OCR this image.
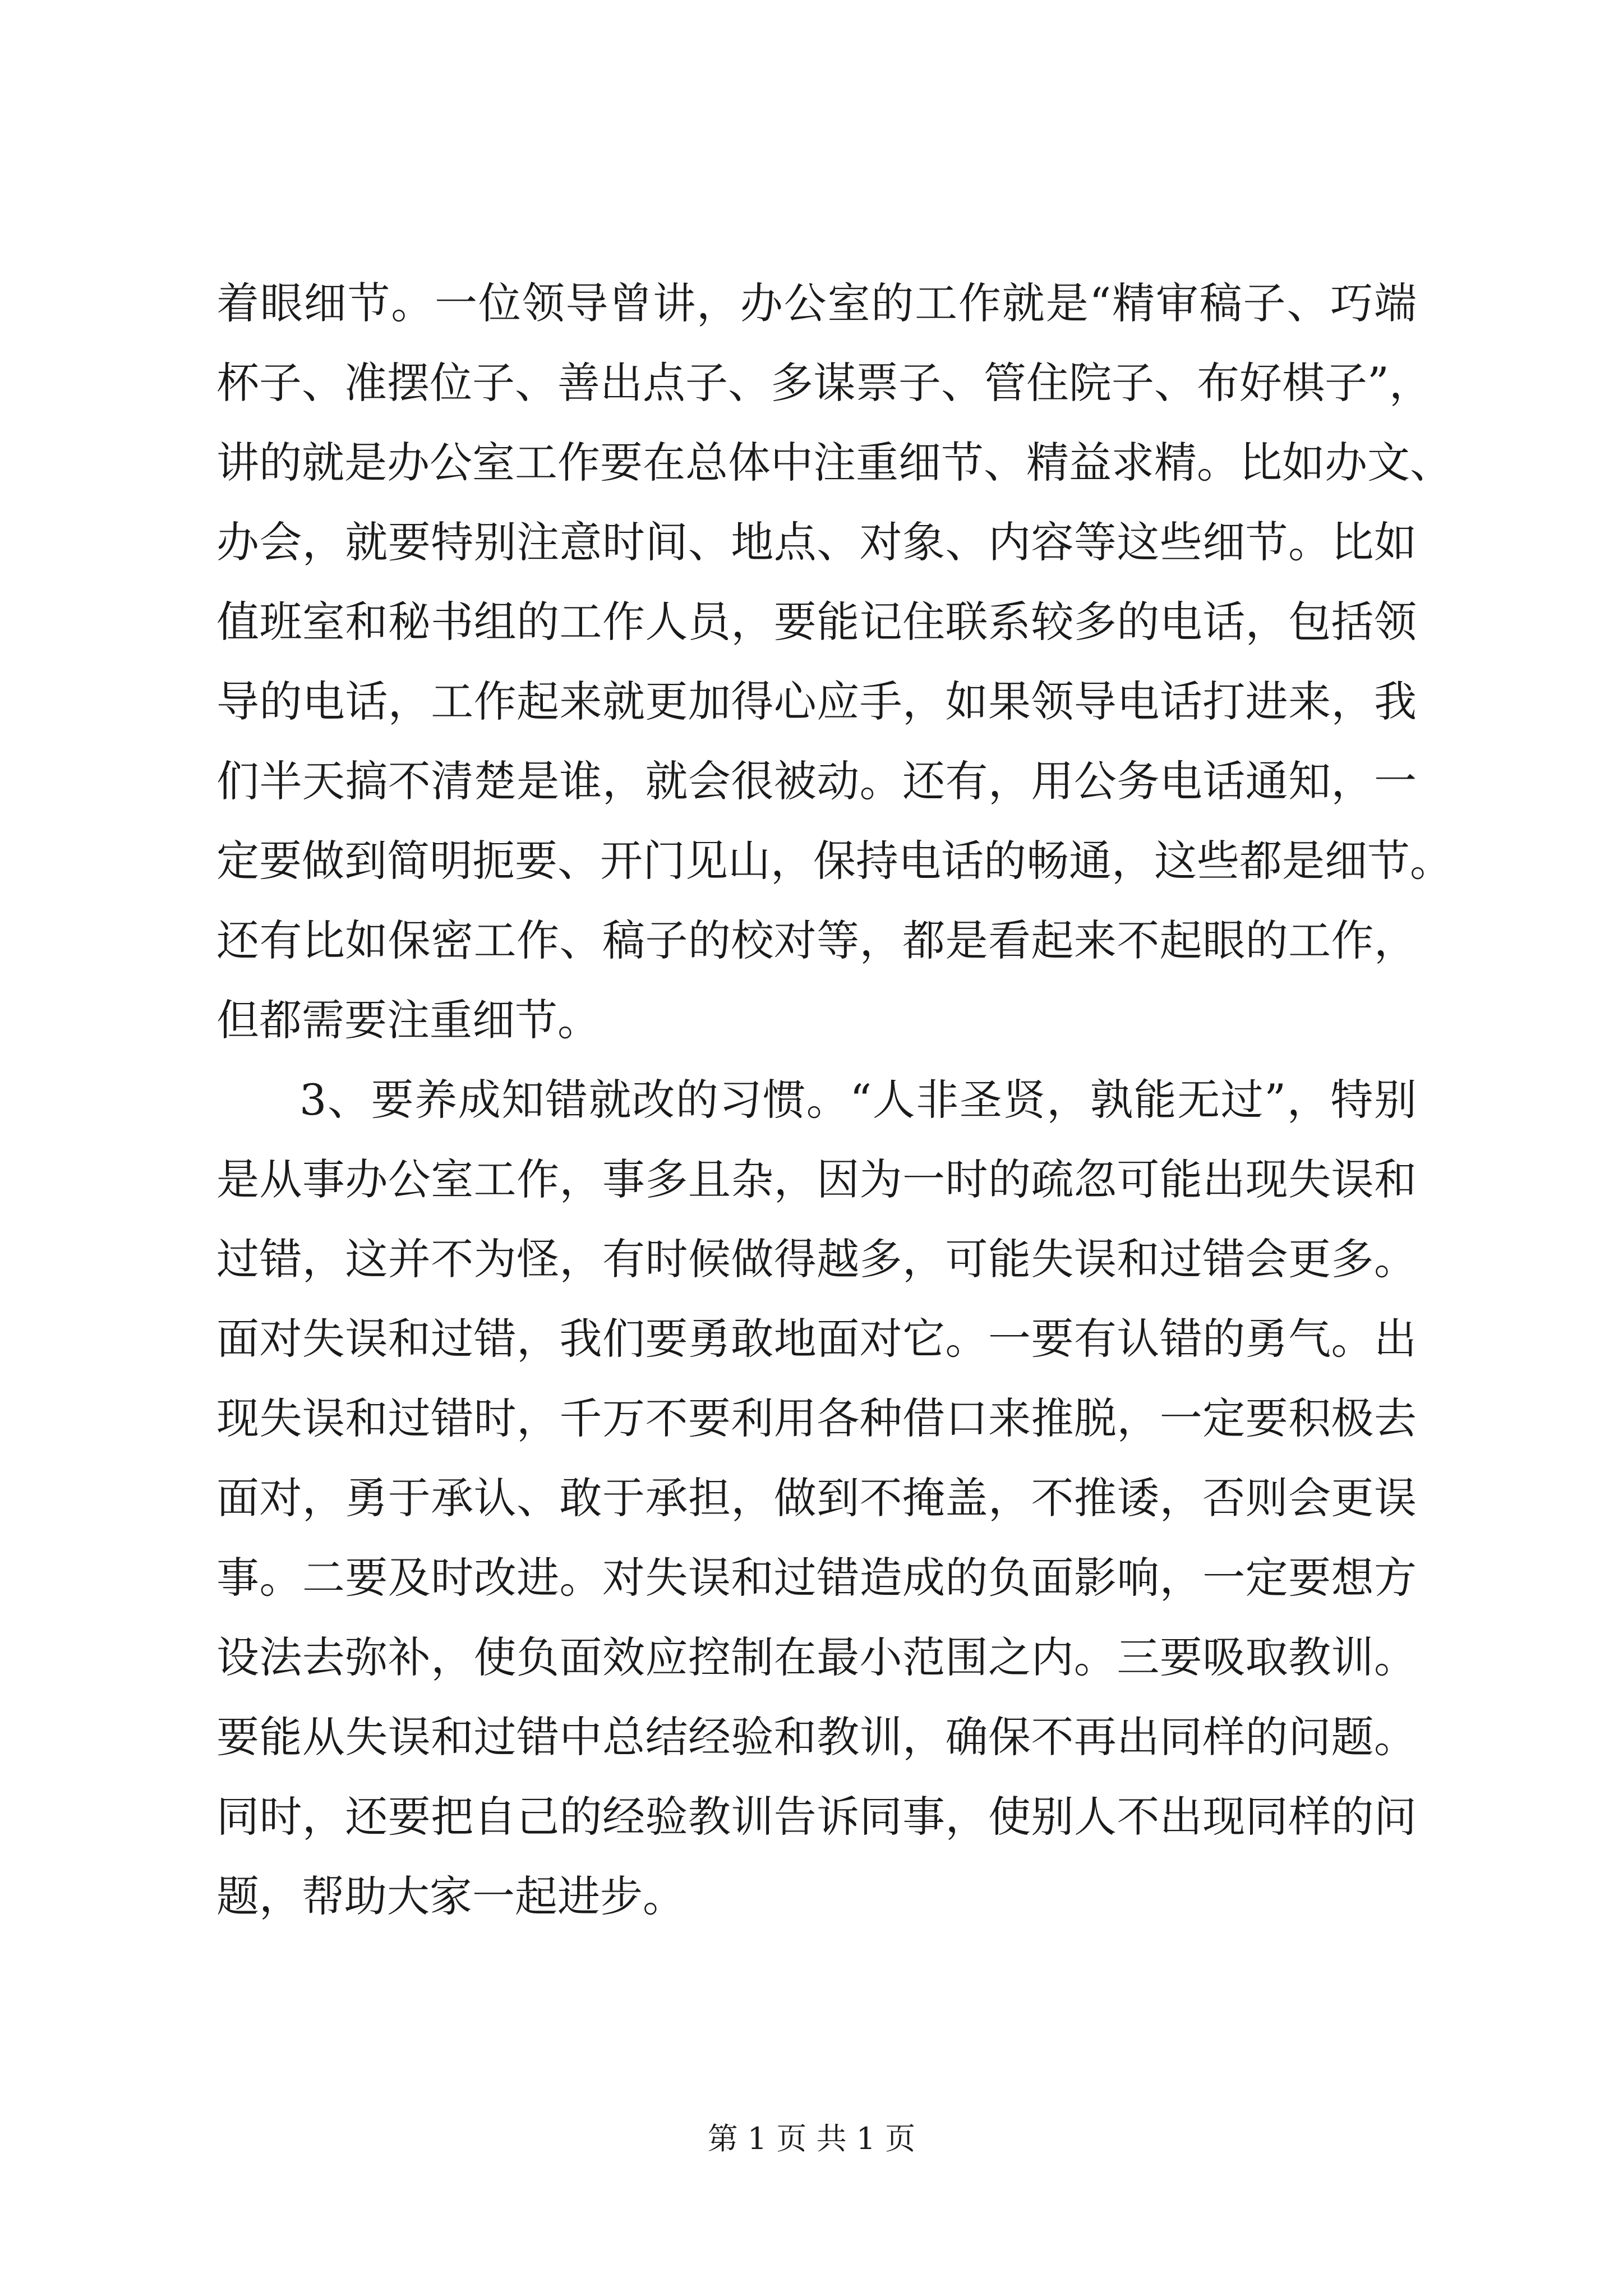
着眼细节。一位领导曾讲，办公室的工作就是“精审稿子、巧端
杯子、准摆位子、善出点子、多谋票子、管住院子、布好棋子”，
讲的就是办公室工作要在总体中注重细节、精益求精。比如办文、
办会，就要特别注意时间、地点、对象、内容等这些细节。比如
值班室和秘书组的工作人员，要能记住联系较多的电话，包括领
导的电话，工作起来就更加得心应手，如果领导电话打进来，我
们半天搞不清楚是谁，就会很被动。还有，用公务电话通知，一
定要做到简明扼要、开门见山，保持电话的畅通，这些都是细节。
还有比如保密工作、稿子的校对等，都是看起来不起眼的工作，
但都需要注重细节。
3、要养成知错就改的习惯。“人非圣贤，孰能无过”，特别
是从事办公室工作，事多且杂，因为一时的疏忽可能出现失误和
过错，这并不为怪，有时候做得越多，可能失误和过错会更多。
面对失误和过错，我们要勇敢地面对它。一要有认错的勇气。出
现失误和过错时，千万不要利用各种借口来推脱，一定要积极去
面对，勇于承认、敢于承担，做到不掩盖，不推诿，否则会更误
事。二要及时改进。对失误和过错造成的负面影响，一定要想方
设法去弥补，使负面效应控制在最小范围之内。三要吸取教训。
要能从失误和过错中总结经验和教训，确保不再出同样的问题。
同时，还要把自己的经验教训告诉同事，使别人不出现同样的问
题，帮助大家一起进步。
第 1 页 共 1 页
